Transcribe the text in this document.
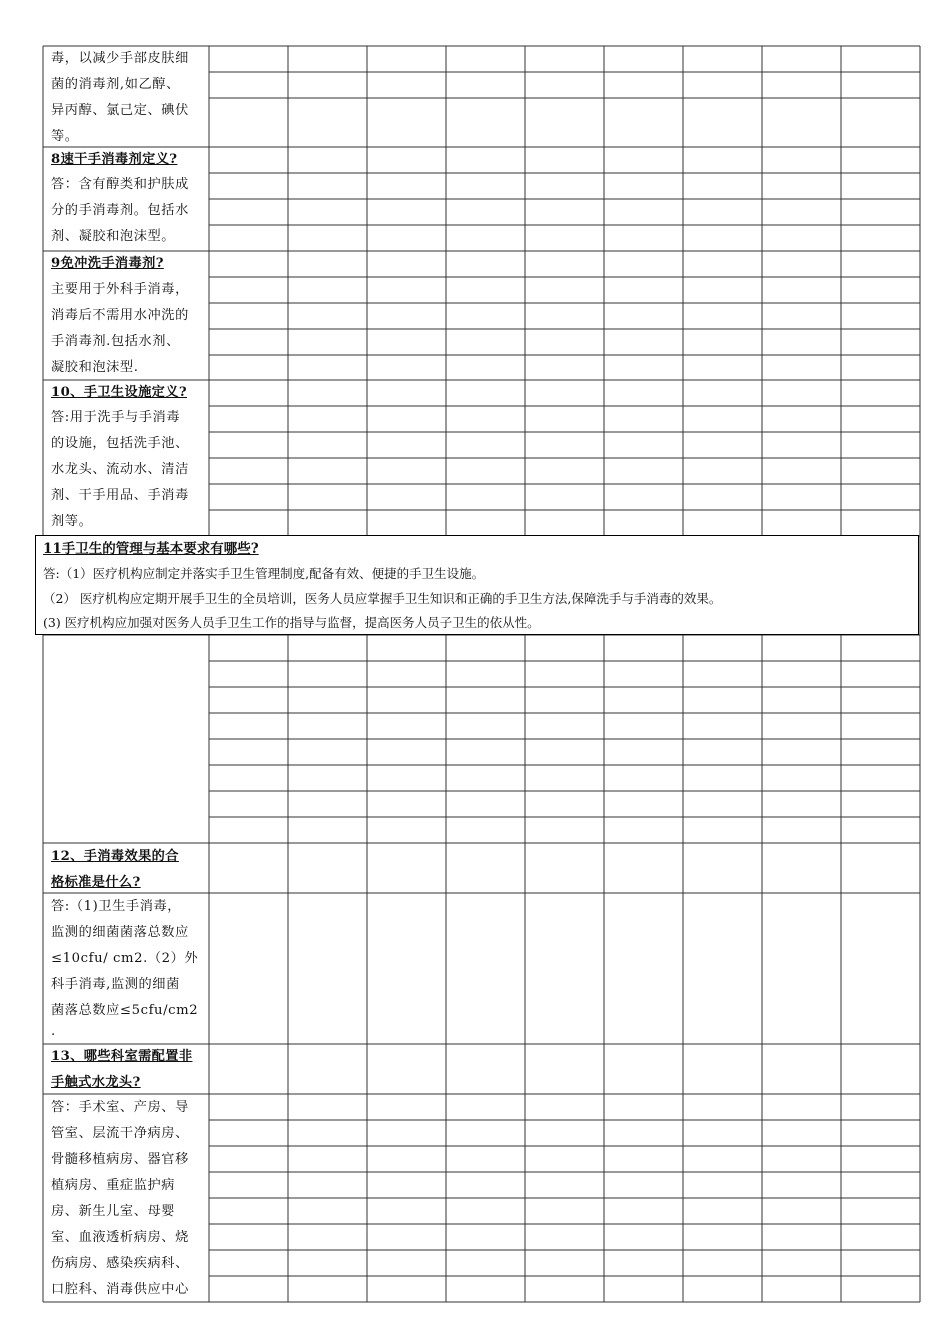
毒，以减少手部皮肤细
菌的消毒剂,如乙醇、
异丙醇、氯己定、碘伏
等。
8速干手消毒剂定义?
答：含有醇类和护肤成
分的手消毒剂。包括水
剂、凝胶和泡沫型。
9免冲洗手消毒剂?
主要用于外科手消毒，
消毒后不需用水冲洗的
手消毒剂.包括水剂、
凝胶和泡沫型.
10、手卫生设施定义?
答:用于洗手与手消毒
的设施，包括洗手池、
水龙头、流动水、清洁
剂、干手用品、手消毒
剂等。
12、手消毒效果的合
格标准是什么?
答:（1)卫生手消毒，
监测的细菌菌落总数应
≤10cfu/ cm2.（2）外
科手消毒,监测的细菌
菌落总数应≤5cfu/cm2
.
13、哪些科室需配置非
手触式水龙头?
答：手术室、产房、导
管室、层流干净病房、
骨髓移植病房、器官移
植病房、重症监护病
房、新生儿室、母婴
室、血液透析病房、烧
伤病房、感染疾病科、
口腔科、消毒供应中心
11手卫生的管理与基本要求有哪些?
答:（1）医疗机构应制定并落实手卫生管理制度,配备有效、便捷的手卫生设施。
（2） 医疗机构应定期开展手卫生的全员培训，医务人员应掌握手卫生知识和正确的手卫生方法,保障洗手与手消毒的效果。
(3) 医疗机构应加强对医务人员手卫生工作的指导与监督，提高医务人员子卫生的依从性。
